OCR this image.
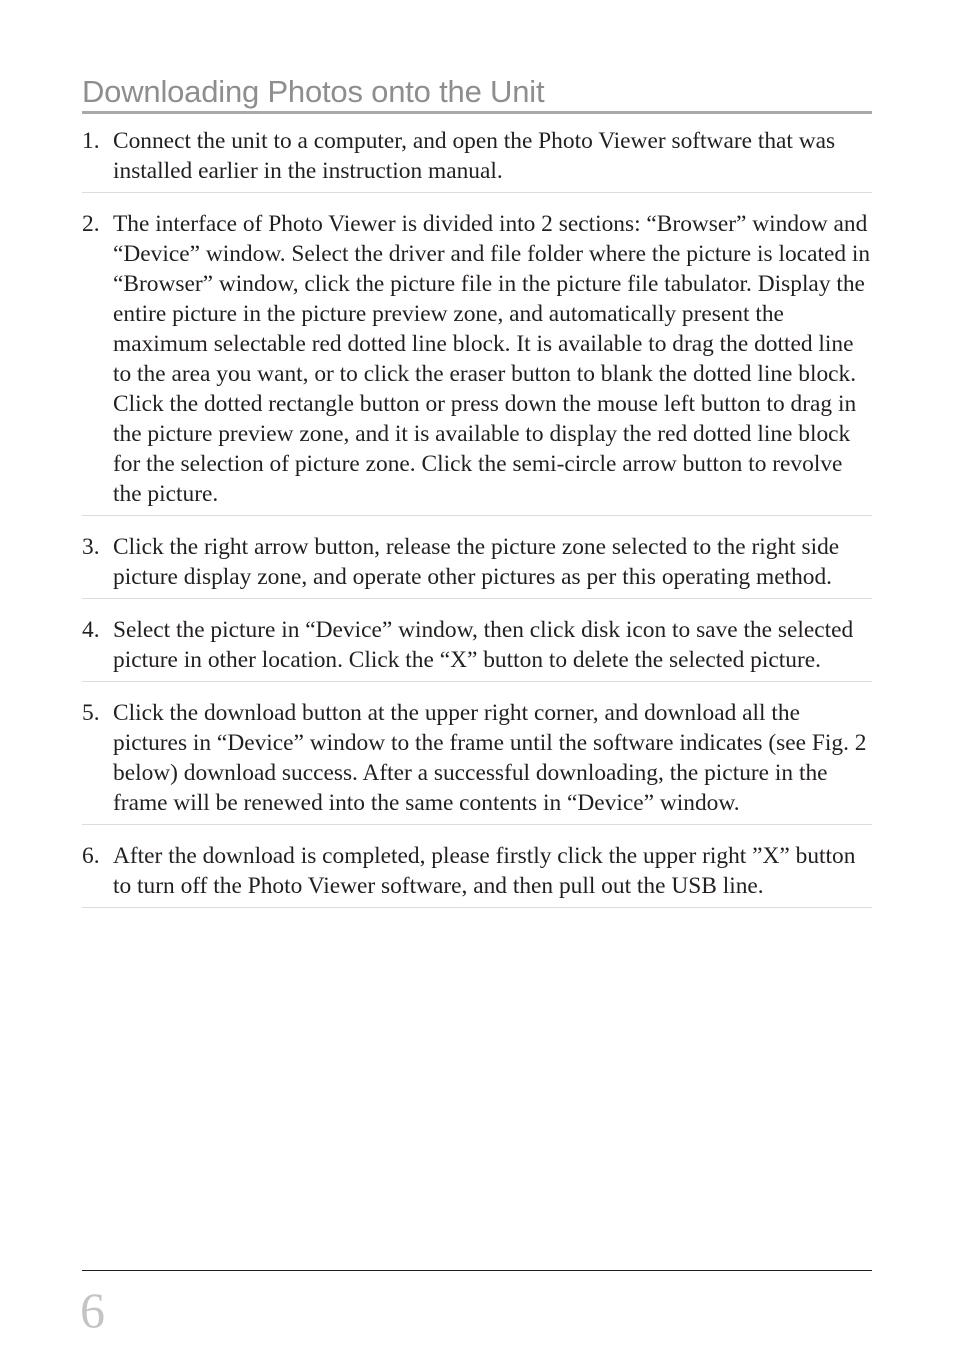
Downloading Photos onto the Unit
1. Connect the unit to a computer, and open the Photo Viewer software that was installed earlier in the instruction manual.
2. The interface of Photo Viewer is divided into 2 sections: “Browser” window and “Device” window. Select the driver and file folder where the picture is located in “Browser” window, click the picture file in the picture file tabulator. Display the entire picture in the picture preview zone, and automatically present the maximum selectable red dotted line block. It is available to drag the dotted line to the area you want, or to click the eraser button to blank the dotted line block. Click the dotted rectangle button or press down the mouse left button to drag in the picture preview zone, and it is available to display the red dotted line block for the selection of picture zone. Click the semi-circle arrow button to revolve the picture.
3. Click the right arrow button, release the picture zone selected to the right side picture display zone, and operate other pictures as per this operating method.
4. Select the picture in “Device” window, then click disk icon to save the selected picture in other location. Click the “X” button to delete the selected picture.
5. Click the download button at the upper right corner, and download all the pictures in “Device” window to the frame until the software indicates (see Fig. 2 below) download success. After a successful downloading, the picture in the frame will be renewed into the same contents in “Device” window.
6. After the download is completed, please firstly click the upper right ”X” button to turn off the Photo Viewer software, and then pull out the USB line.
6
